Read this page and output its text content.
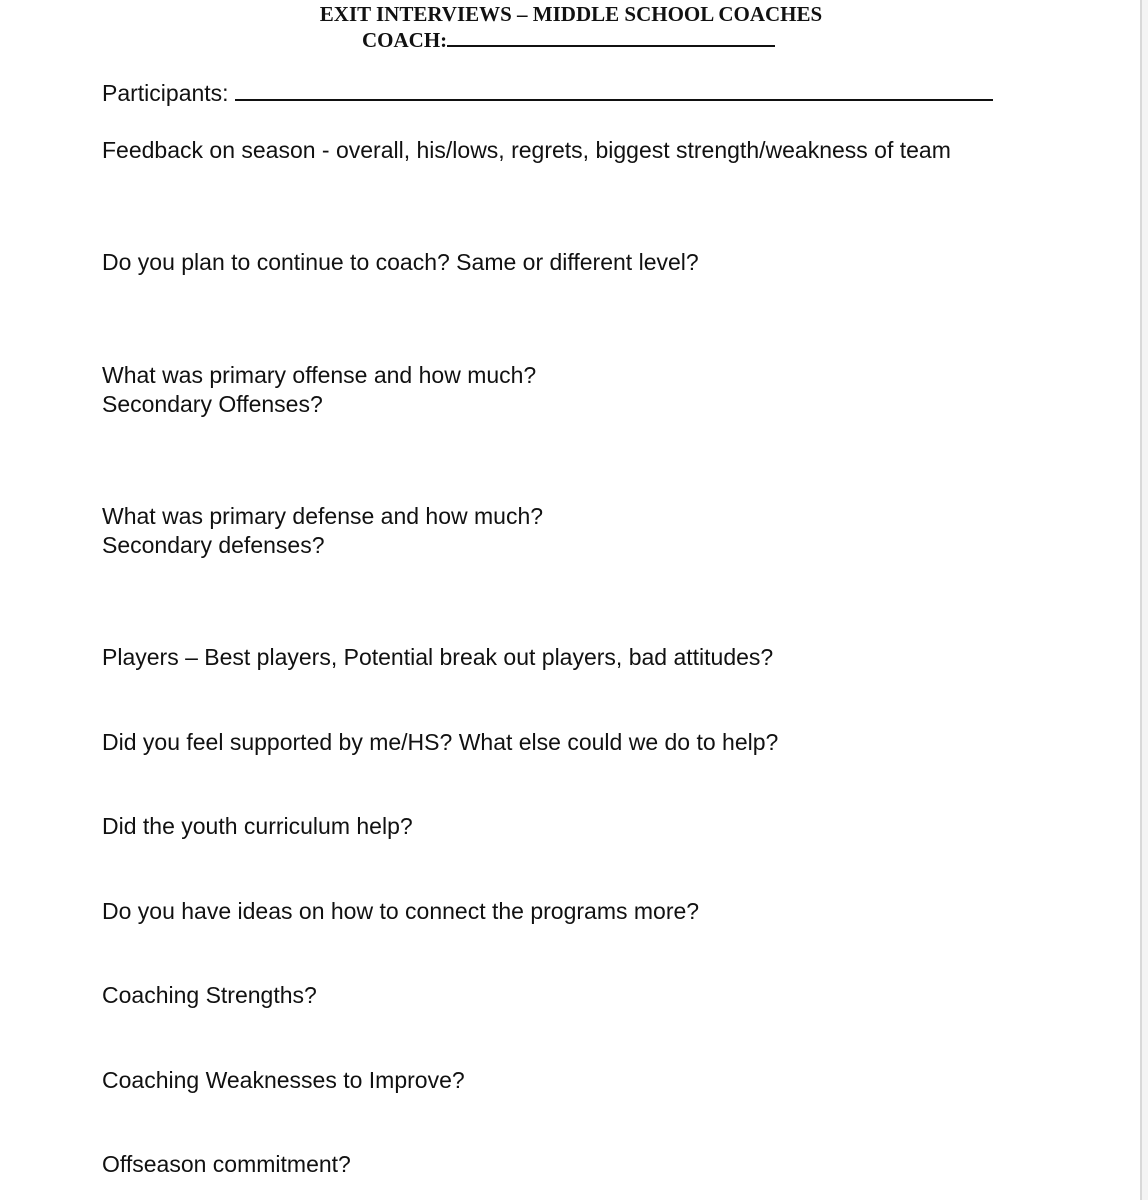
EXIT INTERVIEWS – MIDDLE SCHOOL COACHES
COACH:
Participants:
Feedback on season - overall, his/lows, regrets, biggest strength/weakness of team
Do you plan to continue to coach? Same or different level?
What was primary offense and how much?
Secondary Offenses?
What was primary defense and how much?
Secondary defenses?
Players – Best players, Potential break out players, bad attitudes?
Did you feel supported by me/HS? What else could we do to help?
Did the youth curriculum help?
Do you have ideas on how to connect the programs more?
Coaching Strengths?
Coaching Weaknesses to Improve?
Offseason commitment?
